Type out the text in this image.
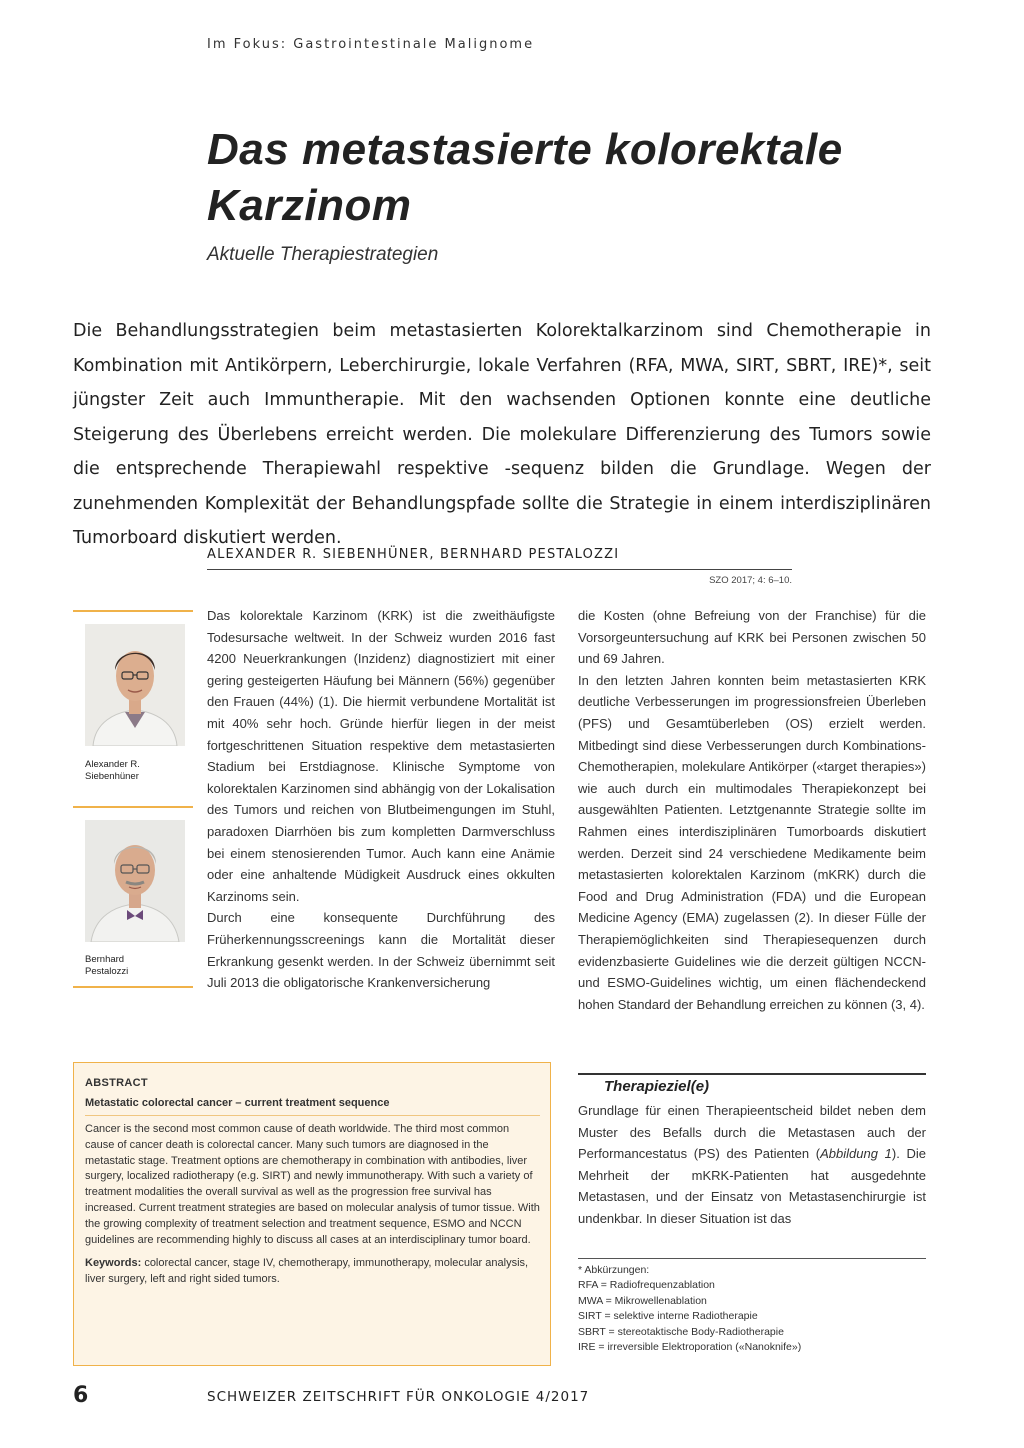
Im Fokus: Gastrointestinale Malignome
Das metastasierte kolorektale Karzinom
Aktuelle Therapiestrategien

Die Behandlungsstrategien beim metastasierten Kolorektalkarzinom sind Chemotherapie in Kombination mit Antikörpern, Leberchirurgie, lokale Verfahren (RFA, MWA, SIRT, SBRT, IRE)*, seit jüngster Zeit auch Immuntherapie. Mit den wachsenden Optionen konnte eine deutliche Steigerung des Überlebens erreicht werden. Die molekulare Differenzierung des Tumors sowie die entsprechende Therapiewahl respektive -sequenz bilden die Grundlage. Wegen der zunehmenden Komplexität der Behandlungspfade sollte die Strategie in einem interdisziplinären Tumorboard diskutiert werden.

ALEXANDER R. SIEBENHÜNER, BERNHARD PESTALOZZI
SZO 2017; 4: 6–10.
Alexander R.
Siebenhüner
Bernhard
Pestalozzi

Das kolorektale Karzinom (KRK) ist die zweithäufigste Todesursache weltweit. In der Schweiz wurden 2016 fast 4200 Neuerkrankungen (Inzidenz) diagnostiziert mit einer gering gesteigerten Häufung bei Männern (56%) gegenüber den Frauen (44%) (1). Die hiermit verbundene Mortalität ist mit 40% sehr hoch. Gründe hierfür liegen in der meist fortgeschrittenen Situation respektive dem metastasierten Stadium bei Erstdiagnose. Klinische Symptome von kolorektalen Karzinomen sind abhängig von der Lokalisation des Tumors und reichen von Blutbeimengungen im Stuhl, paradoxen Diarrhöen bis zum kompletten Darmverschluss bei einem stenosierenden Tumor. Auch kann eine Anämie oder eine anhaltende Müdigkeit Ausdruck eines okkulten Karzinoms sein.

Durch eine konsequente Durchführung des Früherkennungsscreenings kann die Mortalität dieser Erkrankung gesenkt werden. In der Schweiz übernimmt seit Juli 2013 die obligatorische Krankenversicherung

die Kosten (ohne Befreiung von der Franchise) für die Vorsorgeuntersuchung auf KRK bei Personen zwischen 50 und 69 Jahren.

In den letzten Jahren konnten beim metastasierten KRK deutliche Verbesserungen im progressionsfreien Überleben (PFS) und Gesamtüberleben (OS) erzielt werden. Mitbedingt sind diese Verbesserungen durch Kombinations-Chemotherapien, molekulare Antikörper («target therapies») wie auch durch ein multimodales Therapiekonzept bei ausgewählten Patienten. Letztgenannte Strategie sollte im Rahmen eines interdisziplinären Tumorboards diskutiert werden. Derzeit sind 24 verschiedene Medikamente beim metastasierten kolorektalen Karzinom (mKRK) durch die Food and Drug Administration (FDA) und die European Medicine Agency (EMA) zugelassen (2). In dieser Fülle der Therapiemöglichkeiten sind Therapiesequenzen durch evidenzbasierte Guidelines wie die derzeit gültigen NCCN- und ESMO-Guidelines wichtig, um einen flächendeckend hohen Standard der Behandlung erreichen zu können (3, 4).

ABSTRACT
Metastatic colorectal cancer – current treatment sequence

Cancer is the second most common cause of death worldwide. The third most common cause of cancer death is colorectal cancer. Many such tumors are diagnosed in the metastatic stage. Treatment options are chemotherapy in combination with antibodies, liver surgery, localized radiotherapy (e.g. SIRT) and newly immunotherapy. With such a variety of treatment modalities the overall survival as well as the progression free survival has increased. Current treatment strategies are based on molecular analysis of tumor tissue. With the growing complexity of treatment selection and treatment sequence, ESMO and NCCN guidelines are recommending highly to discuss all cases at an interdisciplinary tumor board.

Keywords: colorectal cancer, stage IV, chemotherapy, immunotherapy, molecular analysis, liver surgery, left and right sided tumors.

Therapieziel(e)

Grundlage für einen Therapieentscheid bildet neben dem Muster des Befalls durch die Metastasen auch der Performancestatus (PS) des Patienten (Abbildung 1). Die Mehrheit der mKRK-Patienten hat ausgedehnte Metastasen, und der Einsatz von Metastasenchirurgie ist undenkbar. In dieser Situation ist das

* Abkürzungen:
RFA = Radiofrequenzablation
MWA = Mikrowellenablation
SIRT = selektive interne Radiotherapie
SBRT = stereotaktische Body-Radiotherapie
IRE = irreversible Elektroporation («Nanoknife»)
6	SCHWEIZER ZEITSCHRIFT FÜR ONKOLOGIE 4/2017
